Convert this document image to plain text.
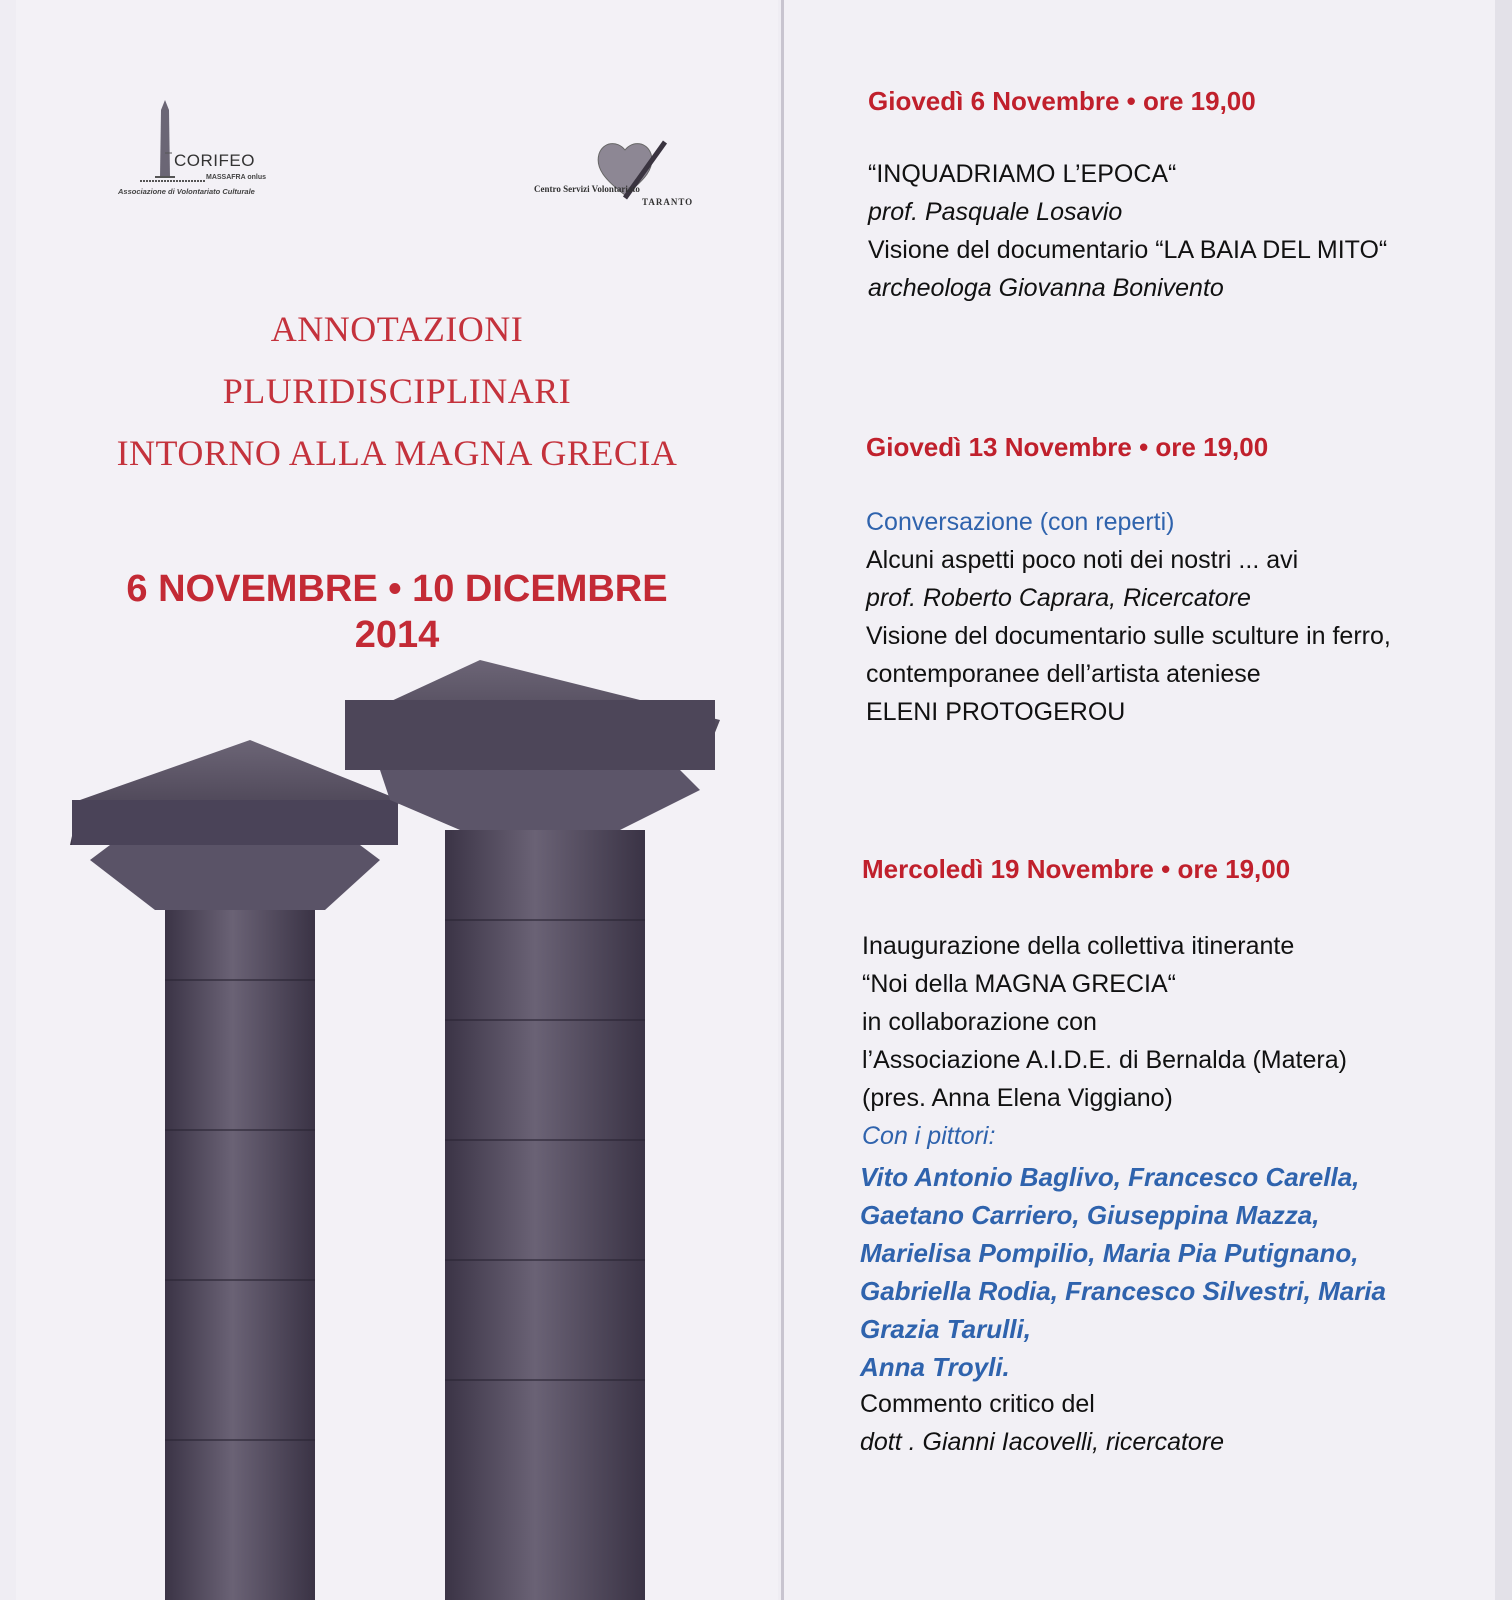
CORIFEO
MASSAFRA onlus
Associazione di Volontariato Culturale	Centro Servizi Volontariato
TARANTO
ANNOTAZIONI
PLURIDISCIPLINARI
INTORNO ALLA MAGNA GRECIA
6 NOVEMBRE • 10 DICEMBRE
2014
Giovedì 6 Novembre • ore 19,00
“INQUADRIAMO L’EPOCA“
prof. Pasquale Losavio
Visione del documentario “LA BAIA DEL MITO“
archeologa Giovanna Bonivento
Giovedì 13 Novembre • ore 19,00
Conversazione (con reperti)
Alcuni aspetti poco noti dei nostri ... avi
prof. Roberto Caprara, Ricercatore
Visione del documentario sulle sculture in ferro,
contemporanee dell’artista ateniese
ELENI PROTOGEROU
Mercoledì 19 Novembre • ore 19,00
Inaugurazione della collettiva itinerante
“Noi della MAGNA GRECIA“
in collaborazione con
l’Associazione A.I.D.E. di Bernalda (Matera)
(pres. Anna Elena Viggiano)
Con i pittori:
Vito Antonio Baglivo, Francesco Carella,
Gaetano Carriero, Giuseppina Mazza,
Marielisa Pompilio, Maria Pia Putignano,
Gabriella Rodia, Francesco Silvestri, Maria
Grazia Tarulli,
Anna Troyli.
Commento critico del
dott . Gianni Iacovelli, ricercatore
